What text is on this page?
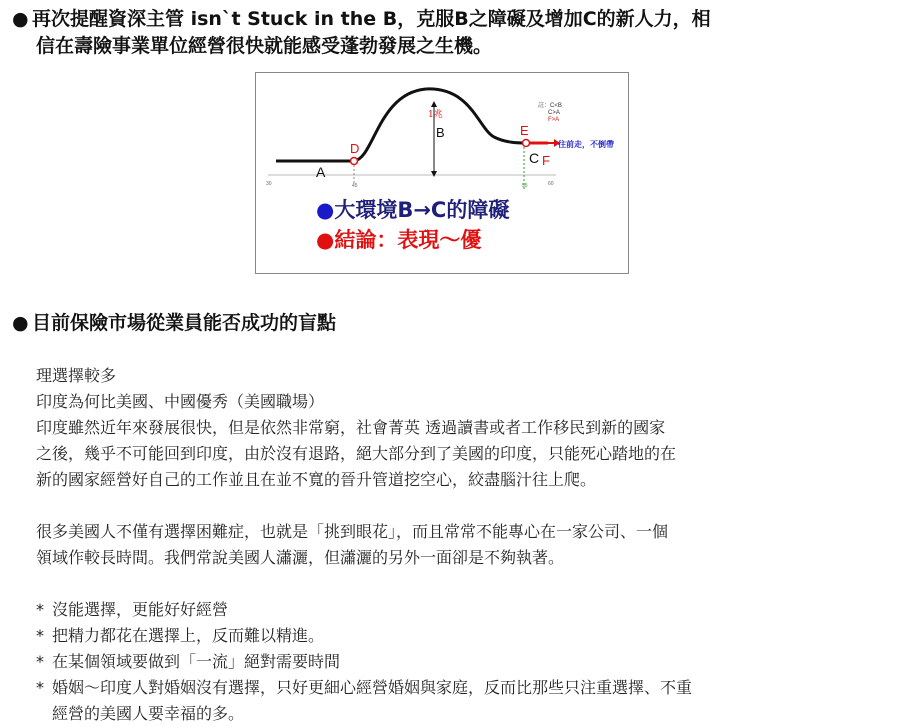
● 再次提醒資深主管 isn`t Stuck in the B，克服B之障礙及增加C的新人力，相
信在壽險事業單位經營很快就能感受蓬勃發展之生機。
A
B
1兆
C
D
E
F
註：C<B
C>A
F>A
往前走，不倒帶
30	45	55	60
●大環境B→C的障礙
●結論：表現～優
● 目前保險市場從業員能否成功的盲點

理選擇較多
印度為何比美國、中國優秀（美國職場）
印度雖然近年來發展很快，但是依然非常窮，社會菁英 透過讀書或者工作移民到新的國家
之後，幾乎不可能回到印度，由於沒有退路，絕大部分到了美國的印度，只能死心踏地的在
新的國家經營好自己的工作並且在並不寬的晉升管道挖空心，絞盡腦汁往上爬。

很多美國人不僅有選擇困難症，也就是「挑到眼花」，而且常常不能專心在一家公司、一個
領域作較長時間。我們常說美國人瀟灑，但瀟灑的另外一面卻是不夠執著。

* 沒能選擇，更能好好經營
* 把精力都花在選擇上，反而難以精進。
* 在某個領域要做到「一流」絕對需要時間
* 婚姻～印度人對婚姻沒有選擇，只好更細心經營婚姻與家庭，反而比那些只注重選擇、不重
經營的美國人要幸福的多。
